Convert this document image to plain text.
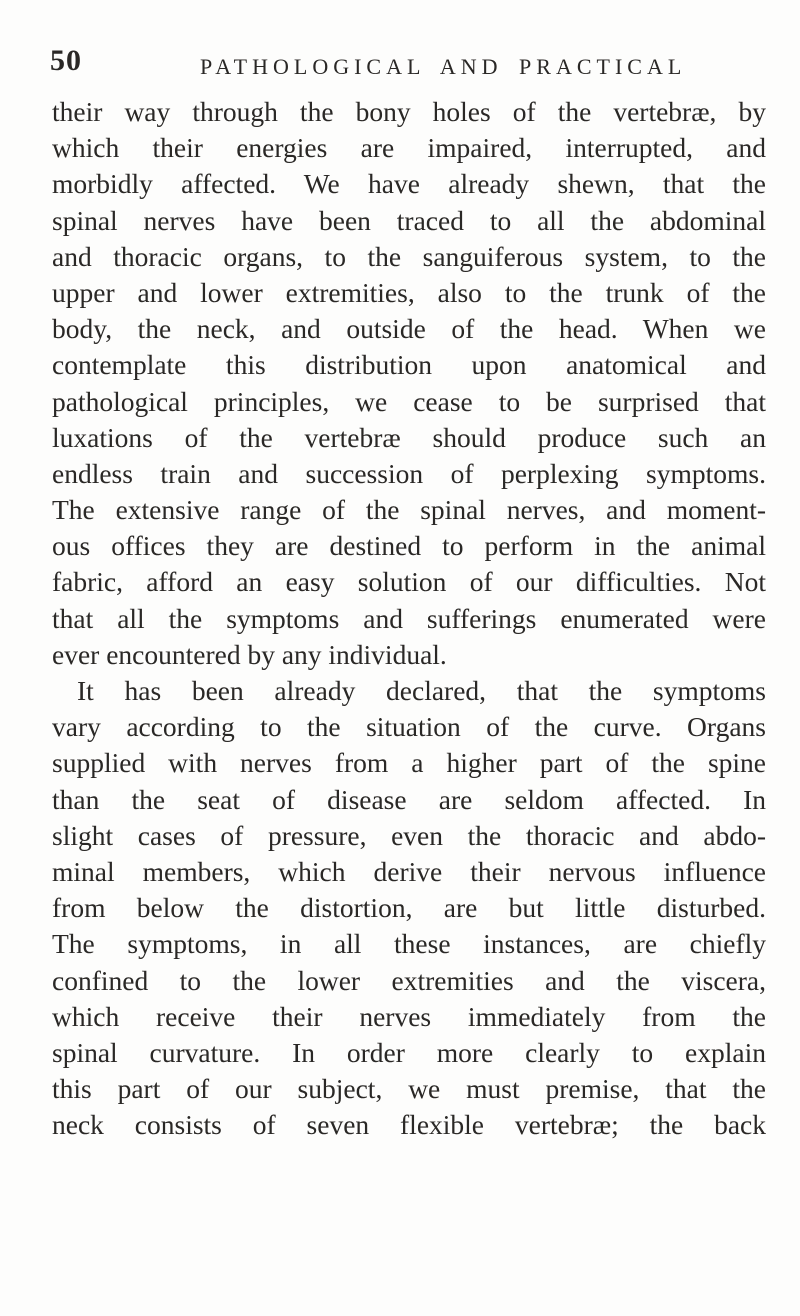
50	PATHOLOGICAL AND PRACTICAL
their way through the bony holes of the vertebræ, by
which their energies are impaired, interrupted, and
morbidly affected. We have already shewn, that the
spinal nerves have been traced to all the abdominal
and thoracic organs, to the sanguiferous system, to the
upper and lower extremities, also to the trunk of the
body, the neck, and outside of the head. When we
contemplate this distribution upon anatomical and
pathological principles, we cease to be surprised that
luxations of the vertebræ should produce such an
endless train and succession of perplexing symptoms.
The extensive range of the spinal nerves, and moment-
ous offices they are destined to perform in the animal
fabric, afford an easy solution of our difficulties. Not
that all the symptoms and sufferings enumerated were
ever encountered by any individual.
It has been already declared, that the symptoms
vary according to the situation of the curve. Organs
supplied with nerves from a higher part of the spine
than the seat of disease are seldom affected. In
slight cases of pressure, even the thoracic and abdo-
minal members, which derive their nervous influence
from below the distortion, are but little disturbed.
The symptoms, in all these instances, are chiefly
confined to the lower extremities and the viscera,
which receive their nerves immediately from the
spinal curvature. In order more clearly to explain
this part of our subject, we must premise, that the
neck consists of seven flexible vertebræ; the back
